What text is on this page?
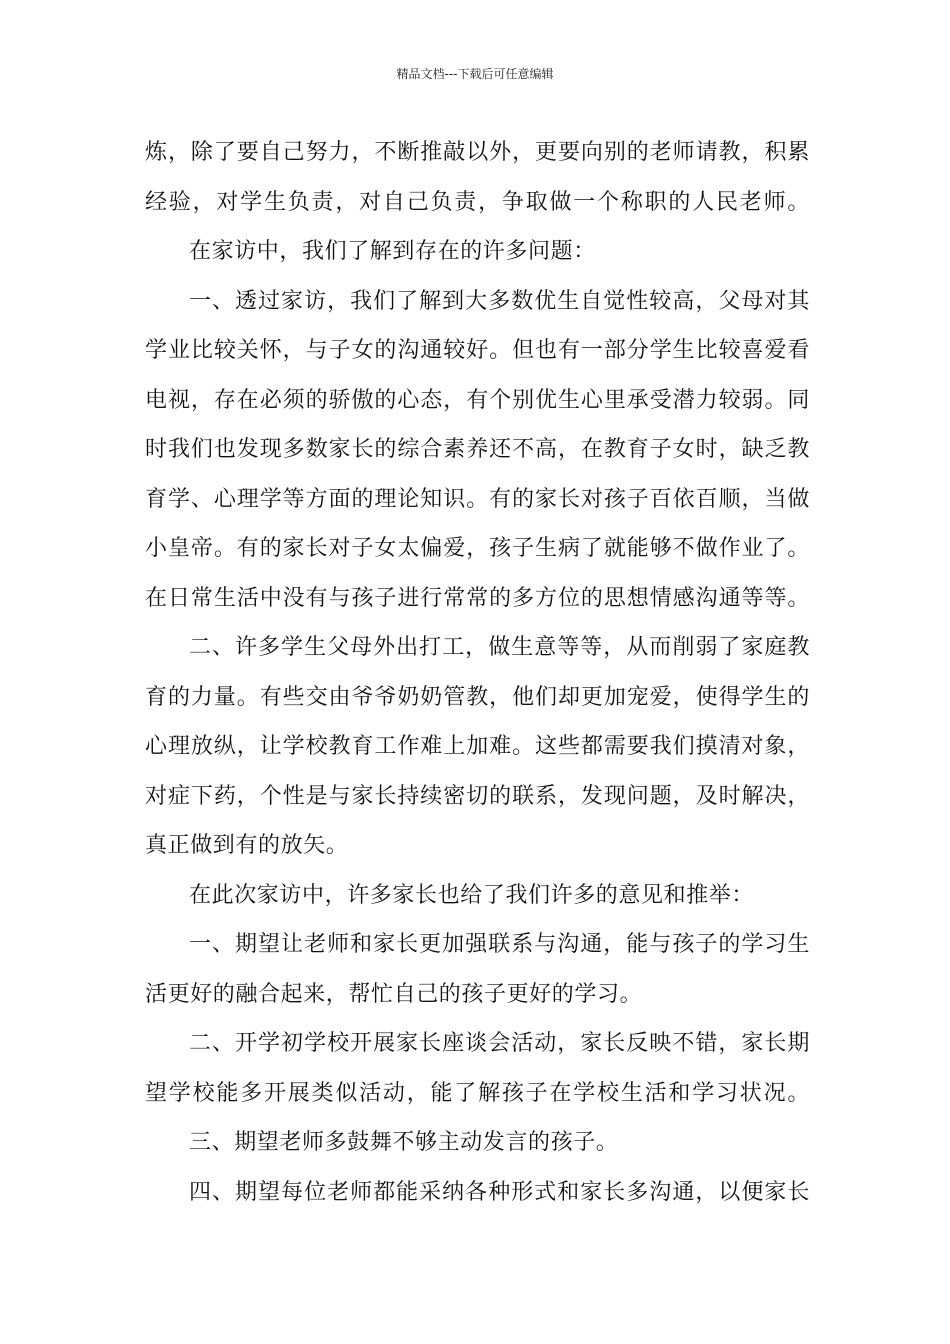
精品文档---下载后可任意编辑
炼，除了要自己努力，不断推敲以外，更要向别的老师请教，积累
经验，对学生负责，对自己负责，争取做一个称职的人民老师。
在家访中，我们了解到存在的许多问题：
一、透过家访，我们了解到大多数优生自觉性较高，父母对其
学业比较关怀，与子女的沟通较好。但也有一部分学生比较喜爱看
电视，存在必须的骄傲的心态，有个别优生心里承受潜力较弱。同
时我们也发现多数家长的综合素养还不高，在教育子女时，缺乏教
育学、心理学等方面的理论知识。有的家长对孩子百依百顺，当做
小皇帝。有的家长对子女太偏爱，孩子生病了就能够不做作业了。
在日常生活中没有与孩子进行常常的多方位的思想情感沟通等等。
二、许多学生父母外出打工，做生意等等，从而削弱了家庭教
育的力量。有些交由爷爷奶奶管教，他们却更加宠爱，使得学生的
心理放纵，让学校教育工作难上加难。这些都需要我们摸清对象，
对症下药，个性是与家长持续密切的联系，发现问题，及时解决，
真正做到有的放矢。
在此次家访中，许多家长也给了我们许多的意见和推举：
一、期望让老师和家长更加强联系与沟通，能与孩子的学习生
活更好的融合起来，帮忙自己的孩子更好的学习。
二、开学初学校开展家长座谈会活动，家长反映不错，家长期
望学校能多开展类似活动，能了解孩子在学校生活和学习状况。
三、期望老师多鼓舞不够主动发言的孩子。
四、期望每位老师都能采纳各种形式和家长多沟通，以便家长
